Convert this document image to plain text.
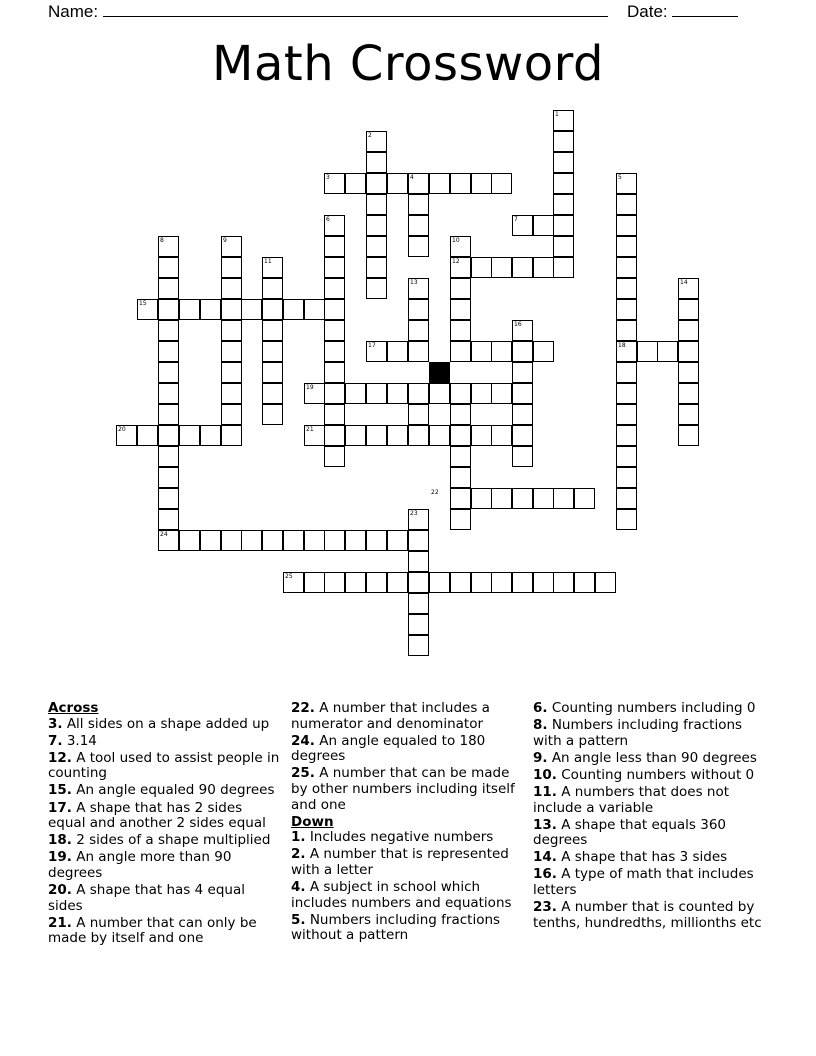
Name:	Date:
Math Crossword
1
2
3	4	5
6	7
8	9	10
11	12
13	14
15
16
17	18
19
20	21
22
23
24
25
Across
3. All sides on a shape added up
7. 3.14
12. A tool used to assist people in counting
15. An angle equaled 90 degrees
17. A shape that has 2 sides equal and another 2 sides equal
18. 2 sides of a shape multiplied
19. An angle more than 90 degrees
20. A shape that has 4 equal sides
21. A number that can only be made by itself and one
22. A number that includes a numerator and denominator
24. An angle equaled to 180 degrees
25. A number that can be made by other numbers including itself and one
Down
1. Includes negative numbers
2. A number that is represented with a letter
4. A subject in school which includes numbers and equations
5. Numbers including fractions without a pattern
6. Counting numbers including 0
8. Numbers including fractions with a pattern
9. An angle less than 90 degrees
10. Counting numbers without 0
11. A numbers that does not include a variable
13. A shape that equals 360 degrees
14. A shape that has 3 sides
16. A type of math that includes letters
23. A number that is counted by tenths, hundredths, millionths etc
